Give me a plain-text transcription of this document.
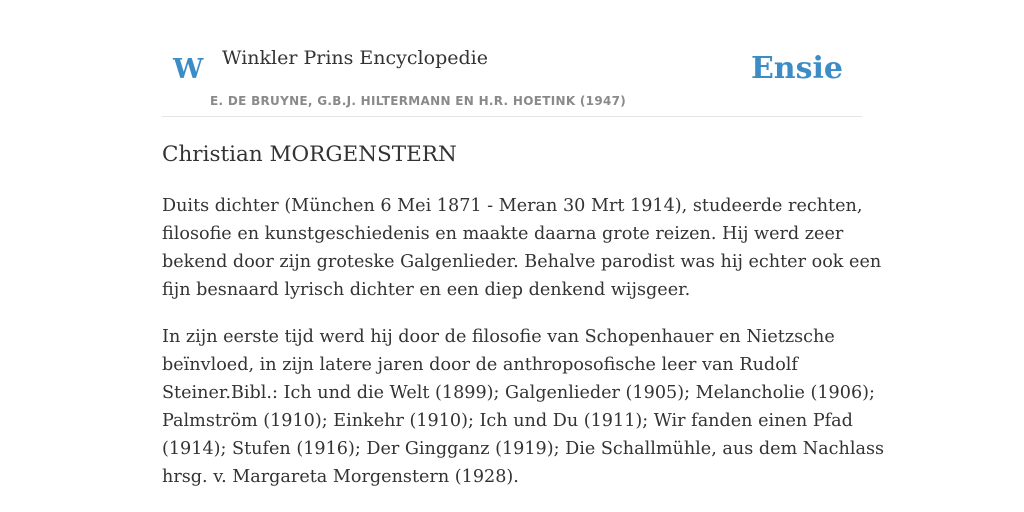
W Winkler Prins Encyclopedie
E. DE BRUYNE, G.B.J. HILTERMANN EN H.R. HOETINK (1947)
Ensie
Christian MORGENSTERN

Duits dichter (München 6 Mei 1871 - Meran 30 Mrt 1914), studeerde rechten,
filosofie en kunstgeschiedenis en maakte daarna grote reizen. Hij werd zeer
bekend door zijn groteske Galgenlieder. Behalve parodist was hij echter ook een
fijn besnaard lyrisch dichter en een diep denkend wijsgeer.

In zijn eerste tijd werd hij door de filosofie van Schopenhauer en Nietzsche
beïnvloed, in zijn latere jaren door de anthroposofische leer van Rudolf
Steiner.Bibl.: Ich und die Welt (1899); Galgenlieder (1905); Melancholie (1906);
Palmström (1910); Einkehr (1910); Ich und Du (1911); Wir fanden einen Pfad
(1914); Stufen (1916); Der Gingganz (1919); Die Schallmühle, aus dem Nachlass
hrsg. v. Margareta Morgenstern (1928).
